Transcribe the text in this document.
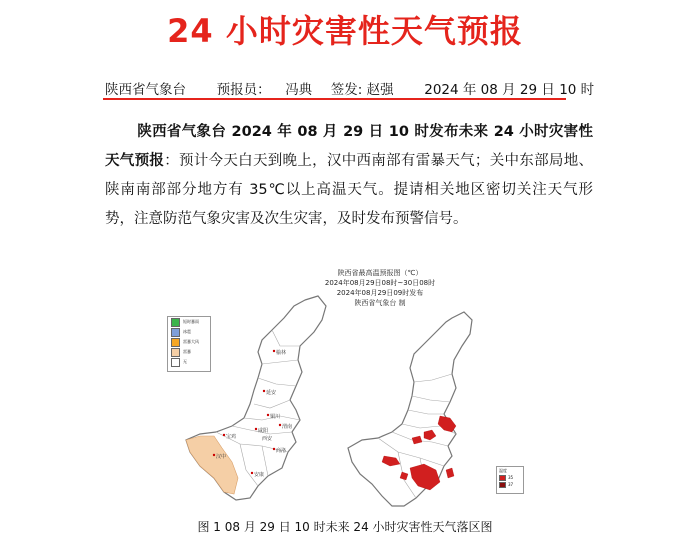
24 小时灾害性天气预报
陕西省气象台 预报员： 冯典 签发: 赵强 2024 年 08 月 29 日 10 时
陕西省气象台 2024 年 08 月 29 日 10 时发布未来 24 小时灾害性天气预报：预计今天白天到晚上，汉中西南部有雷暴天气；关中东部局地、陕南南部部分地方有 35℃以上高温天气。提请相关地区密切关注天气形势，注意防范气象灾害及次生灾害，及时发布预警信号。
陕西省最高温预报图（℃）
2024年08月29日08时~30日08时
2024年08月29日09时发布
陕西省气象台 制
榆林
延安
铜川
宝鸡
咸阳
西安
渭南
汉中
安康
商洛
短时暴雨
冰雹
雷暴大风
雷暴
无
温度
35
37
图 1 08 月 29 日 10 时未来 24 小时灾害性天气落区图
